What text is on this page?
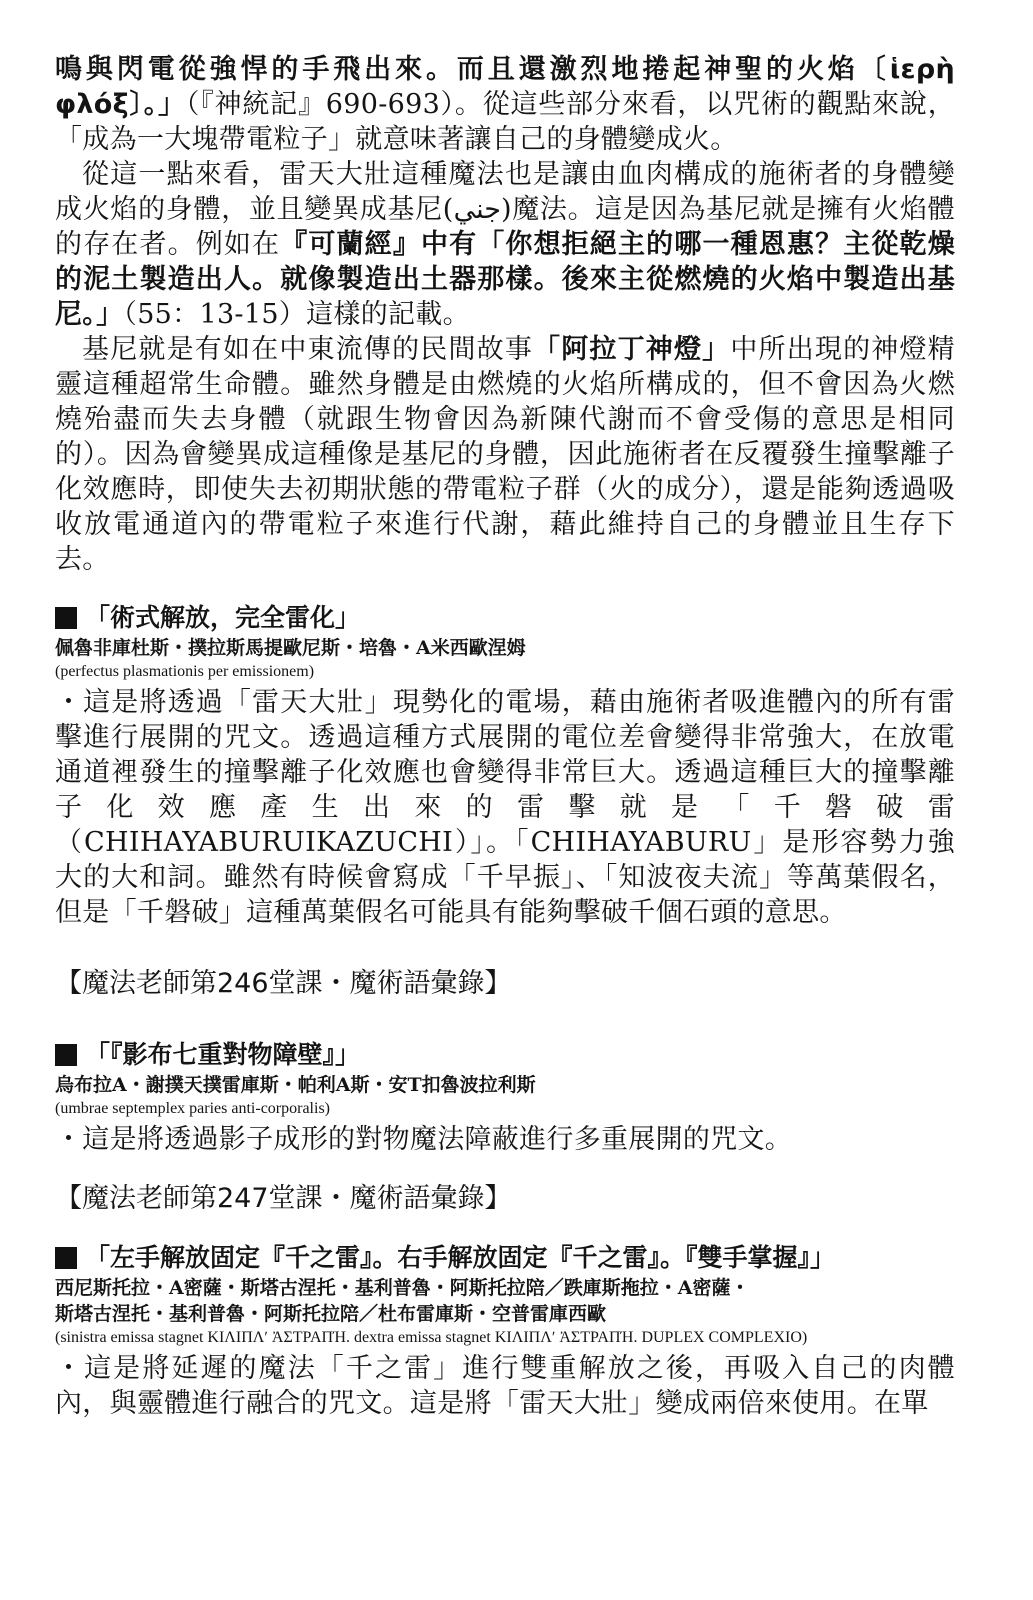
鳴與閃電從強悍的手飛出來。而且還激烈地捲起神聖的火焰〔ἱερὴ φλόξ〕。」（『神統記』690-693）。從這些部分來看，以咒術的觀點來說，「成為一大塊帶電粒子」就意味著讓自己的身體變成火。

從這一點來看，雷天大壯這種魔法也是讓由血肉構成的施術者的身體變成火焰的身體，並且變異成基尼(جني)魔法。這是因為基尼就是擁有火焰體的存在者。例如在『可蘭經』中有「你想拒絕主的哪一種恩惠？主從乾燥的泥土製造出人。就像製造出土器那樣。後來主從燃燒的火焰中製造出基尼。」（55：13-15）這樣的記載。

基尼就是有如在中東流傳的民間故事「阿拉丁神燈」中所出現的神燈精靈這種超常生命體。雖然身體是由燃燒的火焰所構成的，但不會因為火燃燒殆盡而失去身體（就跟生物會因為新陳代謝而不會受傷的意思是相同的）。因為會變異成這種像是基尼的身體，因此施術者在反覆發生撞擊離子化效應時，即使失去初期狀態的帶電粒子群（火的成分），還是能夠透過吸收放電通道內的帶電粒子來進行代謝，藉此維持自己的身體並且生存下去。

「術式解放，完全雷化」

佩魯非庫杜斯・撲拉斯馬提歐尼斯・培魯・A米西歐涅姆

(perfectus plasmationis per emissionem)

・這是將透過「雷天大壯」現勢化的電場，藉由施術者吸進體內的所有雷擊進行展開的咒文。透過這種方式展開的電位差會變得非常強大，在放電通道裡發生的撞擊離子化效應也會變得非常巨大。透過這種巨大的撞擊離子化效應產生出來的雷擊就是「千磐破雷（CHIHAYABURUIKAZUCHI）」。「CHIHAYABURU」是形容勢力強大的大和詞。雖然有時候會寫成「千早振」、「知波夜夫流」等萬葉假名，但是「千磐破」這種萬葉假名可能具有能夠擊破千個石頭的意思。

【魔法老師第246堂課・魔術語彙錄】

「『影布七重對物障壁』」

烏布拉A・謝撲天撲雷庫斯・帕利A斯・安T扣魯波拉利斯

(umbrae septemplex paries anti-corporalis)

・這是將透過影子成形的對物魔法障蔽進行多重展開的咒文。

【魔法老師第247堂課・魔術語彙錄】

「左手解放固定『千之雷』。右手解放固定『千之雷』。『雙手掌握』」

西尼斯托拉・A密薩・斯塔古涅托・基利普魯・阿斯托拉陪／跌庫斯拖拉・A密薩・

斯塔古涅托・基利普魯・阿斯托拉陪／杜布雷庫斯・空普雷庫西歐

(sinistra emissa stagnet ΚΙΛΙΠΛʹ ἈΣΤΡΑΠΉ. dextra emissa stagnet ΚΙΛΙΠΛʹ ἈΣΤΡΑΠΉ. DUPLEX COMPLEXIO)

・這是將延遲的魔法「千之雷」進行雙重解放之後，再吸入自己的肉體內，與靈體進行融合的咒文。這是將「雷天大壯」變成兩倍來使用。在單
